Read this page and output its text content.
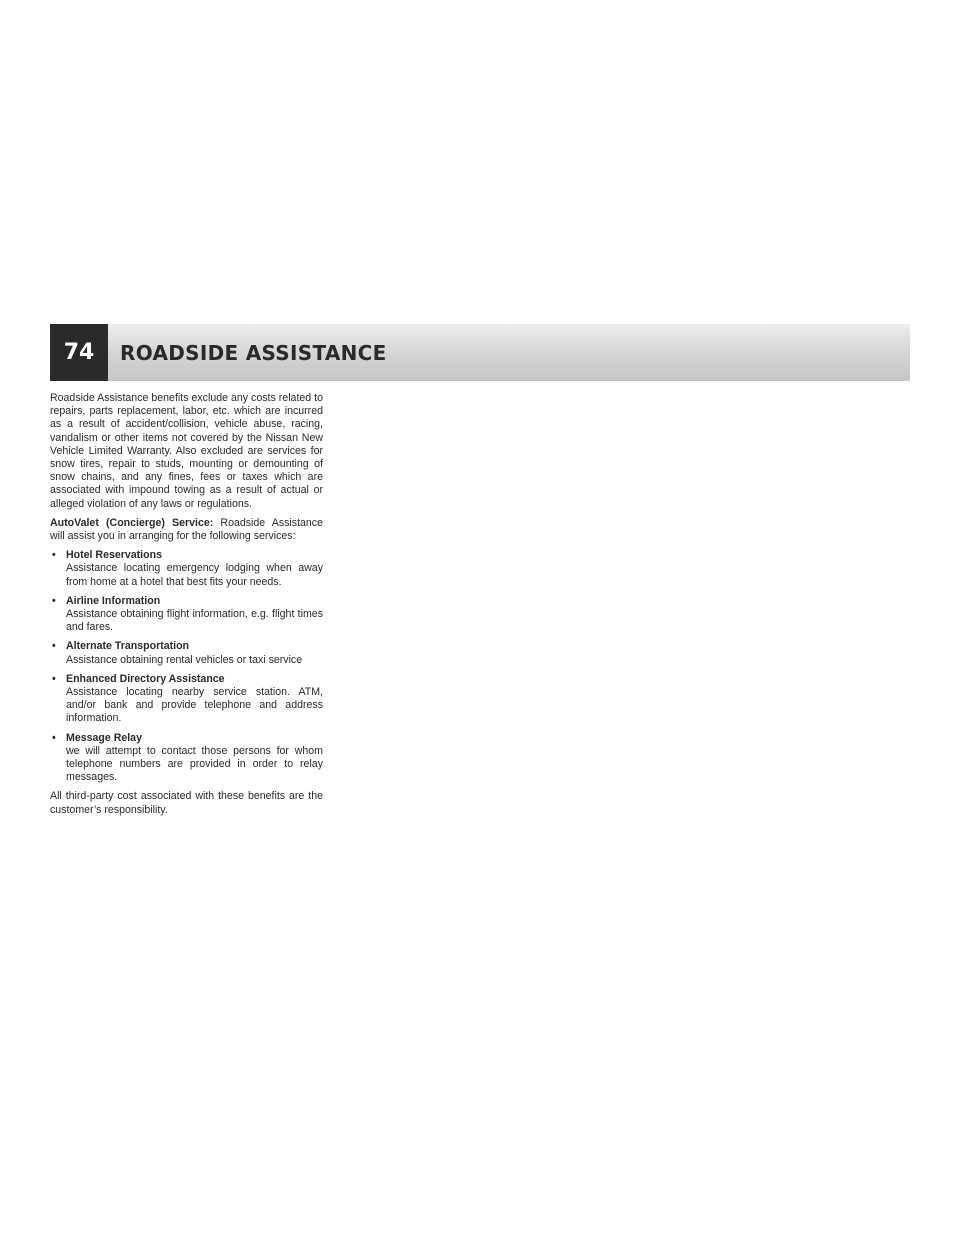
74	ROADSIDE ASSISTANCE

Roadside Assistance benefits exclude any costs related to repairs, parts replacement, labor, etc. which are incurred as a result of accident/collision, vehicle abuse, racing, vandalism or other items not covered by the Nissan New Vehicle Limited Warranty. Also excluded are services for snow tires, repair to studs, mounting or demounting of snow chains, and any fines, fees or taxes which are associated with impound towing as a result of actual or alleged violation of any laws or regulations.

AutoValet (Concierge) Service: Roadside Assistance will assist you in arranging for the following services:

• Hotel Reservations
Assistance locating emergency lodging when away from home at a hotel that best fits your needs.
• Airline Information
Assistance obtaining flight information, e.g. flight times and fares.
• Alternate Transportation
Assistance obtaining rental vehicles or taxi service
• Enhanced Directory Assistance
Assistance locating nearby service station. ATM, and/or bank and provide telephone and address information.
• Message Relay
we will attempt to contact those persons for whom telephone numbers are provided in order to relay messages.

All third-party cost associated with these benefits are the customer’s responsibility.
